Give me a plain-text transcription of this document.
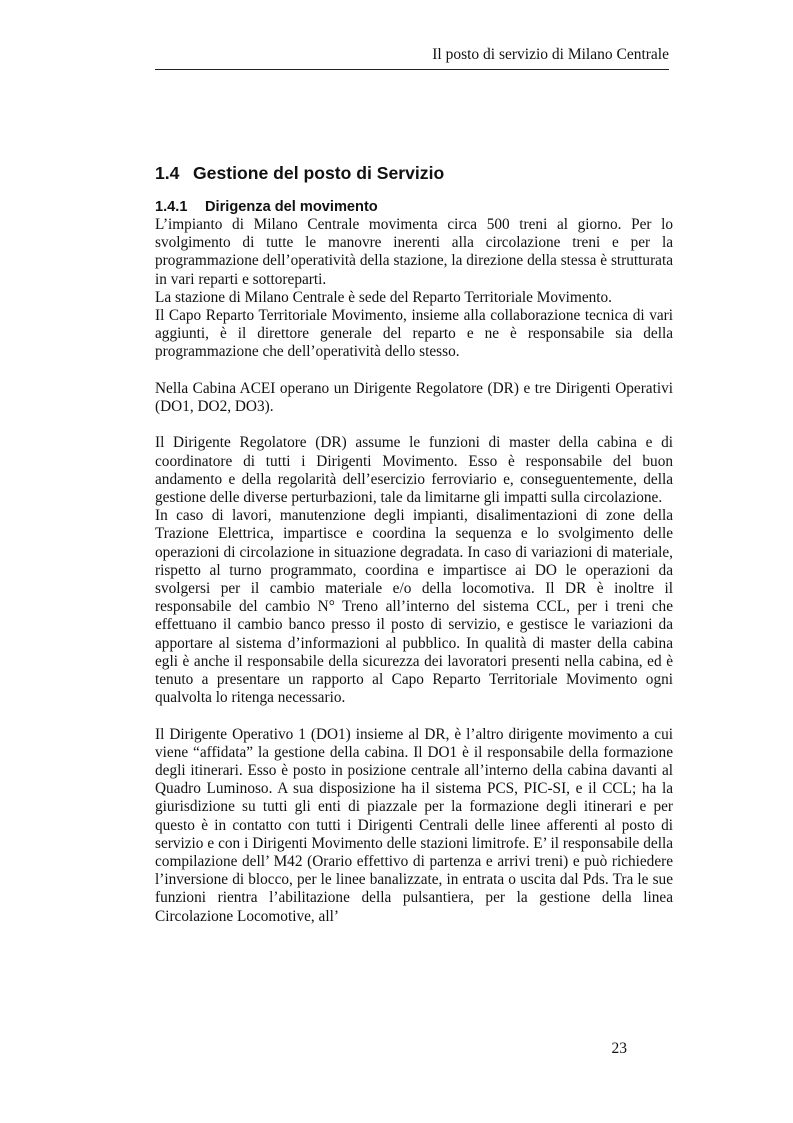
Il posto di servizio di Milano Centrale
1.4 Gestione del posto di Servizio
1.4.1 Dirigenza del movimento

L’impianto di Milano Centrale movimenta circa 500 treni al giorno. Per lo svolgimento di tutte le manovre inerenti alla circolazione treni e per la programmazione dell’operatività della stazione, la direzione della stessa è strutturata in vari reparti e sottoreparti.

La stazione di Milano Centrale è sede del Reparto Territoriale Movimento.

Il Capo Reparto Territoriale Movimento, insieme alla collaborazione tecnica di vari aggiunti, è il direttore generale del reparto e ne è responsabile sia della programmazione che dell’operatività dello stesso.

Nella Cabina ACEI operano un Dirigente Regolatore (DR) e tre Dirigenti Operativi (DO1, DO2, DO3).

Il Dirigente Regolatore (DR) assume le funzioni di master della cabina e di coordinatore di tutti i Dirigenti Movimento. Esso è responsabile del buon andamento e della regolarità dell’esercizio ferroviario e, conseguentemente, della gestione delle diverse perturbazioni, tale da limitarne gli impatti sulla circolazione.

In caso di lavori, manutenzione degli impianti, disalimentazioni di zone della Trazione Elettrica, impartisce e coordina la sequenza e lo svolgimento delle operazioni di circolazione in situazione degradata. In caso di variazioni di materiale, rispetto al turno programmato, coordina e impartisce ai DO le operazioni da svolgersi per il cambio materiale e/o della locomotiva. Il DR è inoltre il responsabile del cambio N° Treno all’interno del sistema CCL, per i treni che effettuano il cambio banco presso il posto di servizio, e gestisce le variazioni da apportare al sistema d’informazioni al pubblico. In qualità di master della cabina egli è anche il responsabile della sicurezza dei lavoratori presenti nella cabina, ed è tenuto a presentare un rapporto al Capo Reparto Territoriale Movimento ogni qualvolta lo ritenga necessario.

Il Dirigente Operativo 1 (DO1) insieme al DR, è l’altro dirigente movimento a cui viene “affidata” la gestione della cabina. Il DO1 è il responsabile della formazione degli itinerari. Esso è posto in posizione centrale all’interno della cabina davanti al Quadro Luminoso. A sua disposizione ha il sistema PCS, PIC-SI, e il CCL; ha la giurisdizione su tutti gli enti di piazzale per la formazione degli itinerari e per questo è in contatto con tutti i Dirigenti Centrali delle linee afferenti al posto di servizio e con i Dirigenti Movimento delle stazioni limitrofe. E’ il responsabile della compilazione dell’ M42 (Orario effettivo di partenza e arrivi treni) e può richiedere l’inversione di blocco, per le linee banalizzate, in entrata o uscita dal Pds. Tra le sue funzioni rientra l’abilitazione della pulsantiera, per la gestione della linea Circolazione Locomotive, all’

23
